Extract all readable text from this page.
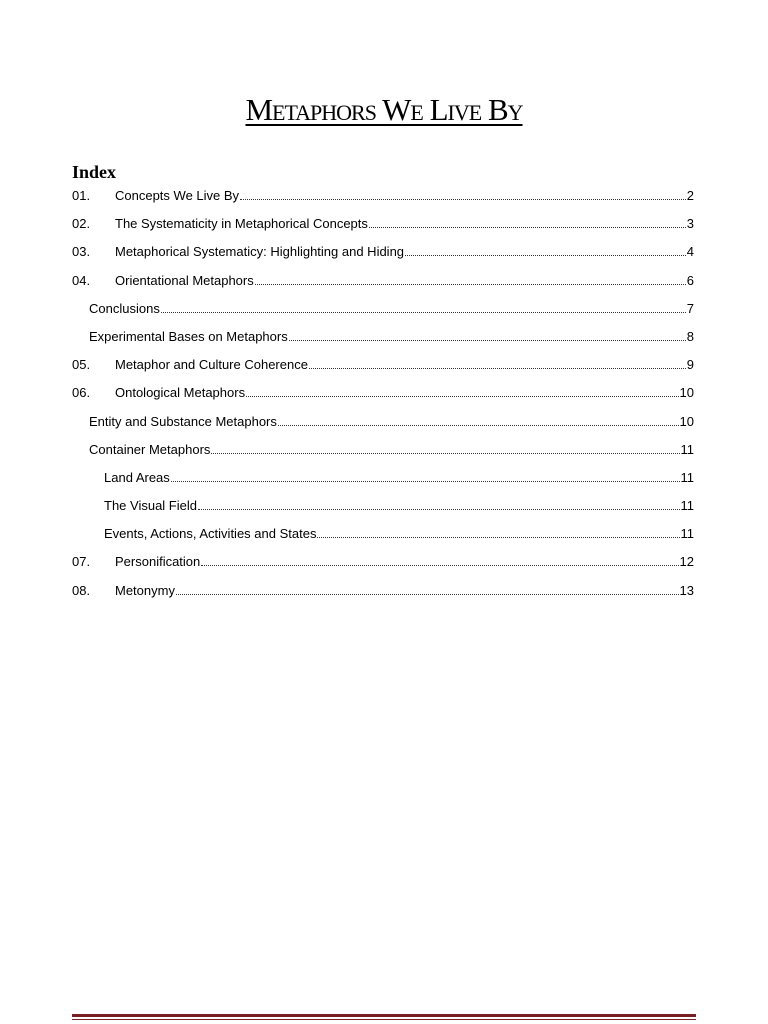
Metaphors We Live By
Index
01.	Concepts We Live By	2
02.	The Systematicity in Metaphorical Concepts	3
03.	Metaphorical Systematicy: Highlighting and Hiding	4
04.	Orientational Metaphors	6
Conclusions	7
Experimental Bases on Metaphors	8
05.	Metaphor and Culture Coherence	9
06.	Ontological Metaphors	10
Entity and Substance Metaphors	10
Container Metaphors	11
Land Areas	11
The Visual Field	11
Events, Actions, Activities and States	11
07.	Personification	12
08.	Metonymy	13
